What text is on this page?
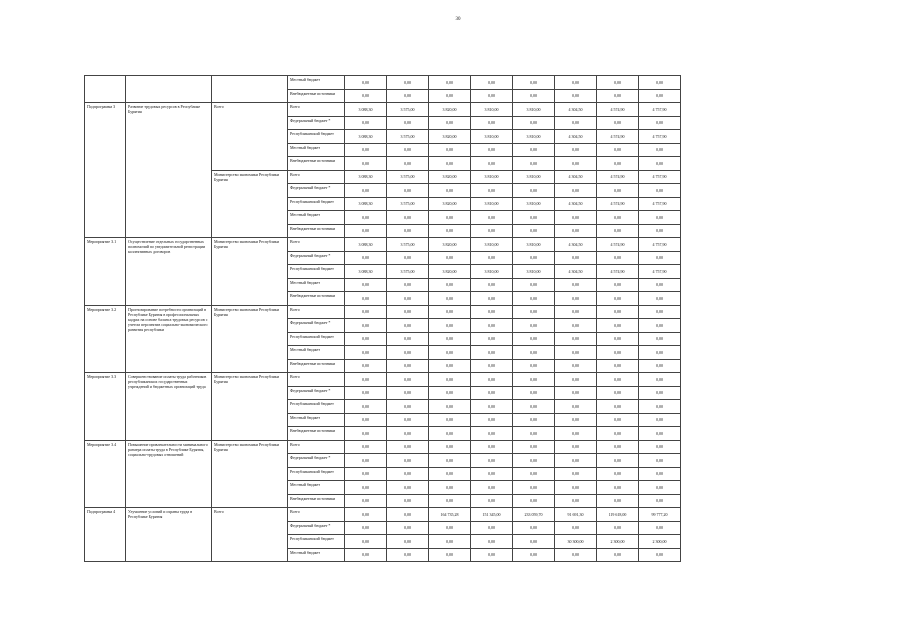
30
			Местный бюджет	0,00	0,00	0,00	0,00	0,00	0,00	0,00	0,00
			Внебюджетные источники	0,00	0,00	0,00	0,00	0,00	0,00	0,00	0,00
Подпрограмма 3	Развитие трудовых ресурсов в Республике Бурятия	Всего	Всего	3 088,30	3 575,00	3 820,00	3 810,00	3 810,00	4 304,50	4 574,90	4 757,90
			Федеральный бюджет *	0,00	0,00	0,00	0,00	0,00	0,00	0,00	0,00
			Республиканский бюджет	3 088,30	3 575,00	3 820,00	3 810,00	3 810,00	4 304,50	4 574,90	4 757,90
			Местный бюджет	0,00	0,00	0,00	0,00	0,00	0,00	0,00	0,00
			Внебюджетные источники	0,00	0,00	0,00	0,00	0,00	0,00	0,00	0,00
		Министерство экономики Республики Бурятия	Всего	3 088,30	3 575,00	3 820,00	3 810,00	3 810,00	4 304,50	4 574,90	4 757,90
			Федеральный бюджет *	0,00	0,00	0,00	0,00	0,00	0,00	0,00	0,00
			Республиканский бюджет	3 088,30	3 575,00	3 820,00	3 810,00	3 810,00	4 304,50	4 574,90	4 757,90
			Местный бюджет	0,00	0,00	0,00	0,00	0,00	0,00	0,00	0,00
			Внебюджетные источники	0,00	0,00	0,00	0,00	0,00	0,00	0,00	0,00
Мероприятие 3.1	Осуществление отдельных государственных полномочий по уведомительной регистрации коллективных договоров	Министерство экономики Республики Бурятия	Всего	3 088,30	3 575,00	3 820,00	3 810,00	3 810,00	4 304,50	4 574,90	4 757,90
			Федеральный бюджет *	0,00	0,00	0,00	0,00	0,00	0,00	0,00	0,00
			Республиканский бюджет	3 088,30	3 575,00	3 820,00	3 810,00	3 810,00	4 304,50	4 574,90	4 757,90
			Местный бюджет	0,00	0,00	0,00	0,00	0,00	0,00	0,00	0,00
			Внебюджетные источники	0,00	0,00	0,00	0,00	0,00	0,00	0,00	0,00
Мероприятие 3.2	Прогнозирование потребности организаций в Республике Бурятия в профессиональных кадрах на основе баланса трудовых ресурсов с учетом перспектив социально-экономического развития республики	Министерство экономики Республики Бурятия	Всего	0,00	0,00	0,00	0,00	0,00	0,00	0,00	0,00
			Федеральный бюджет *	0,00	0,00	0,00	0,00	0,00	0,00	0,00	0,00
			Республиканский бюджет	0,00	0,00	0,00	0,00	0,00	0,00	0,00	0,00
			Местный бюджет	0,00	0,00	0,00	0,00	0,00	0,00	0,00	0,00
			Внебюджетные источники	0,00	0,00	0,00	0,00	0,00	0,00	0,00	0,00
Мероприятие 3.3	Совершенствование оплаты труда работников республиканских государственных учреждений и бюджетных организаций труда	Министерство экономики Республики Бурятия	Всего	0,00	0,00	0,00	0,00	0,00	0,00	0,00	0,00
			Федеральный бюджет *	0,00	0,00	0,00	0,00	0,00	0,00	0,00	0,00
			Республиканский бюджет	0,00	0,00	0,00	0,00	0,00	0,00	0,00	0,00
			Местный бюджет	0,00	0,00	0,00	0,00	0,00	0,00	0,00	0,00
			Внебюджетные источники	0,00	0,00	0,00	0,00	0,00	0,00	0,00	0,00
Мероприятие 3.4	Повышение привлекательности минимального размера оплаты труда в Республике Бурятия, социально-трудовых отношений	Министерство экономики Республики Бурятия	Всего	0,00	0,00	0,00	0,00	0,00	0,00	0,00	0,00
			Федеральный бюджет *	0,00	0,00	0,00	0,00	0,00	0,00	0,00	0,00
			Республиканский бюджет	0,00	0,00	0,00	0,00	0,00	0,00	0,00	0,00
			Местный бюджет	0,00	0,00	0,00	0,00	0,00	0,00	0,00	0,00
			Внебюджетные источники	0,00	0,00	0,00	0,00	0,00	0,00	0,00	0,00
Подпрограмма 4	Улучшение условий и охраны труда в Республике Бурятия	Всего	Всего	0,00	0,00	164 735,28	151 345,00	233 059,70	91 691,30	119 618,00	99 777,20
			Федеральный бюджет *	0,00	0,00	0,00	0,00	0,00	0,00	0,00	0,00
			Республиканский бюджет	0,00	0,00	0,00	0,00	0,00	30 300,00	2 300,00	2 300,00
			Местный бюджет	0,00	0,00	0,00	0,00	0,00	0,00	0,00	0,00
